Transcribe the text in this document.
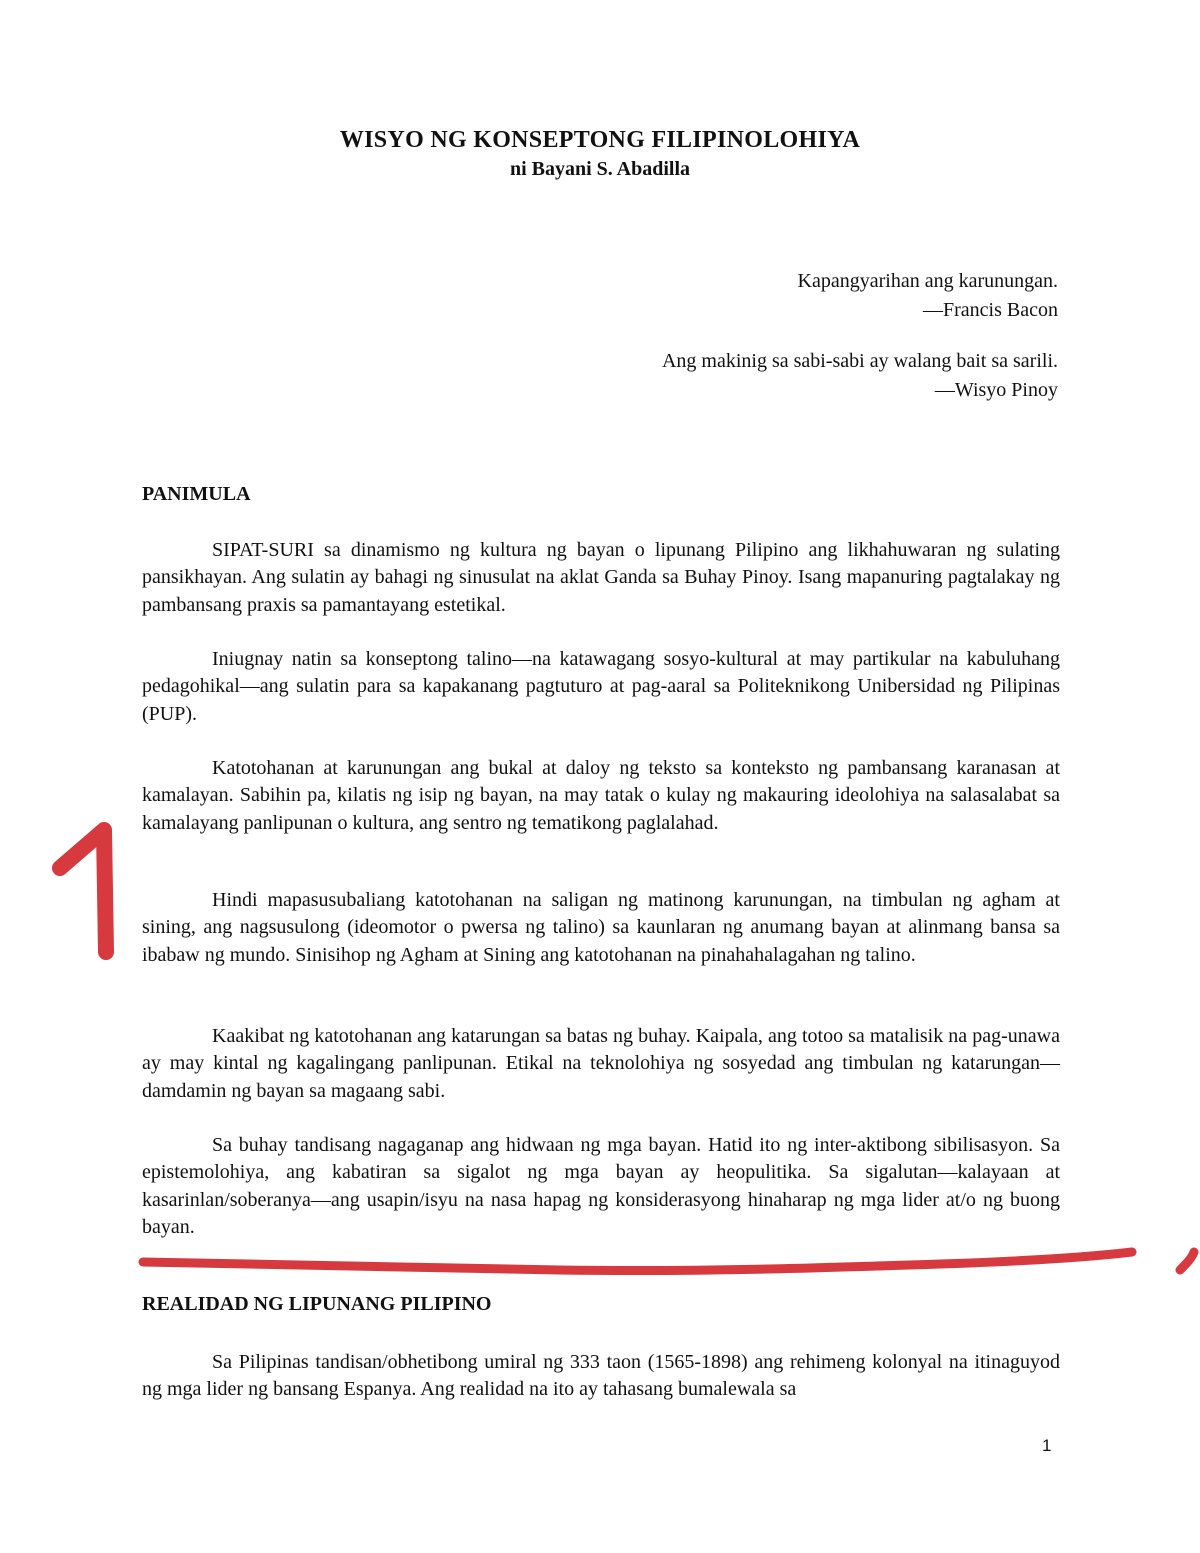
WISYO NG KONSEPTONG FILIPINOLOHIYA
ni Bayani S. Abadilla
Kapangyarihan ang karunungan.
—Francis Bacon
Ang makinig sa sabi-sabi ay walang bait sa sarili.
—Wisyo Pinoy
PANIMULA

SIPAT-SURI sa dinamismo ng kultura ng bayan o lipunang Pilipino ang likhahuwaran ng sulating pansikhayan. Ang sulatin ay bahagi ng sinusulat na aklat Ganda sa Buhay Pinoy. Isang mapanuring pagtalakay ng pambansang praxis sa pamantayang estetikal.

Iniugnay natin sa konseptong talino—na katawagang sosyo-kultural at may partikular na kabuluhang pedagohikal—ang sulatin para sa kapakanang pagtuturo at pag-aaral sa Politeknikong Unibersidad ng Pilipinas (PUP).

Katotohanan at karunungan ang bukal at daloy ng teksto sa konteksto ng pambansang karanasan at kamalayan. Sabihin pa, kilatis ng isip ng bayan, na may tatak o kulay ng makauring ideolohiya na salasalabat sa kamalayang panlipunan o kultura, ang sentro ng tematikong paglalahad.

Hindi mapasusubaliang katotohanan na saligan ng matinong karunungan, na timbulan ng agham at sining, ang nagsusulong (ideomotor o pwersa ng talino) sa kaunlaran ng anumang bayan at alinmang bansa sa ibabaw ng mundo. Sinisihop ng Agham at Sining ang katotohanan na pinahahalagahan ng talino.

Kaakibat ng katotohanan ang katarungan sa batas ng buhay. Kaipala, ang totoo sa matalisik na pag-unawa ay may kintal ng kagalingang panlipunan. Etikal na teknolohiya ng sosyedad ang timbulan ng katarungan—damdamin ng bayan sa magaang sabi.

Sa buhay tandisang nagaganap ang hidwaan ng mga bayan. Hatid ito ng inter-aktibong sibilisasyon. Sa epistemolohiya, ang kabatiran sa sigalot ng mga bayan ay heopulitika. Sa sigalutan—kalayaan at kasarinlan/soberanya—ang usapin/isyu na nasa hapag ng konsiderasyong hinaharap ng mga lider at/o ng buong bayan.

REALIDAD NG LIPUNANG PILIPINO

Sa Pilipinas tandisan/obhetibong umiral ng 333 taon (1565-1898) ang rehimeng kolonyal na itinaguyod ng mga lider ng bansang Espanya. Ang realidad na ito ay tahasang bumalewala sa

1
